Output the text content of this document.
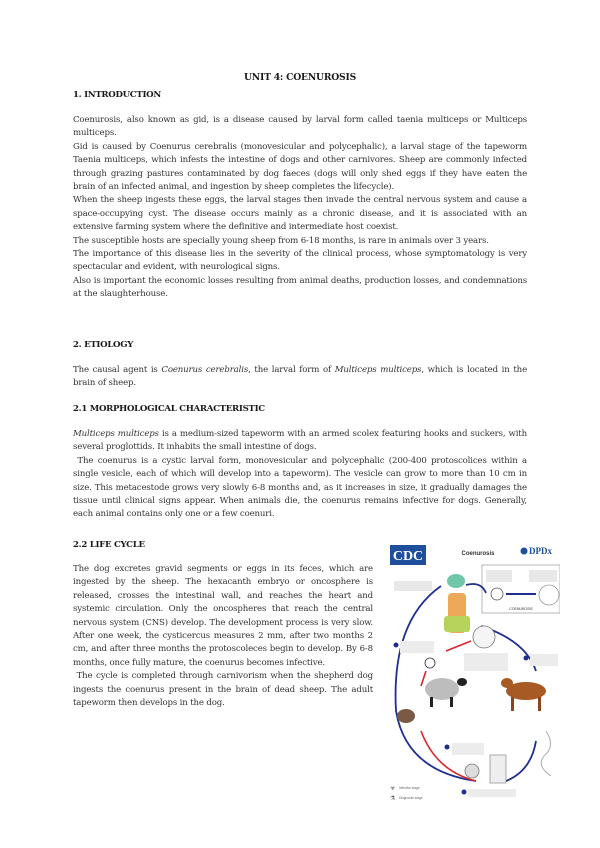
UNIT 4: COENUROSIS
1. INTRODUCTION
Coenurosis, also known as gid, is a disease caused by larval form called taenia multiceps or Multiceps multiceps.
Gid is caused by Coenurus cerebralis (monovesicular and polycephalic), a larval stage of the tapeworm Taenia multiceps, which infests the intestine of dogs and other carnivores. Sheep are commonly infected through grazing pastures contaminated by dog faeces (dogs will only shed eggs if they have eaten the brain of an infected animal, and ingestion by sheep completes the lifecycle).
When the sheep ingests these eggs, the larval stages then invade the central nervous system and cause a space-occupying cyst. The disease occurs mainly as a chronic disease, and it is associated with an extensive farming system where the definitive and intermediate host coexist.
The susceptible hosts are specially young sheep from 6-18 months, is rare in animals over 3 years.
The importance of this disease lies in the severity of the clinical process, whose symptomatology is very spectacular and evident, with neurological signs.
Also is important the economic losses resulting from animal deaths, production losses, and condemnations at the slaughterhouse.
2. ETIOLOGY
The causal agent is Coenurus cerebralis, the larval form of Multiceps multiceps, which is located in the brain of sheep.
2.1 MORPHOLOGICAL CHARACTERISTIC
Multiceps multiceps is a medium-sized tapeworm with an armed scolex featuring hooks and suckers, with several proglottids. It inhabits the small intestine of dogs.
The coenurus is a cystic larval form, monovesicular and polycephalic (200-400 protoscolices within a single vesicle, each of which will develop into a tapeworm). The vesicle can grow to more than 10 cm in size. This metacestode grows very slowly 6-8 months and, as it increases in size, it gradually damages the tissue until clinical signs appear. When animals die, the coenurus remains infective for dogs. Generally, each animal contains only one or a few coenuri.
2.2 LIFE CYCLE
The dog excretes gravid segments or eggs in its feces, which are ingested by the sheep. The hexacanth embryo or oncosphere is released, crosses the intestinal wall, and reaches the heart and systemic circulation. Only the oncospheres that reach the central nervous system (CNS) develop. The development process is very slow. After one week, the cysticercus measures 2 mm, after two months 2 cm, and after three months the protoscoleces begin to develop. By 6-8 months, once fully mature, the coenurus becomes infective.
The cycle is completed through carnivorism when the shepherd dog ingests the coenurus present in the brain of dead sheep. The adult tapeworm then develops in the dog.
CDC	Coenurosis	DPDx
COENUROSIS
☣ Infective stage
⚗ Diagnostic stage
